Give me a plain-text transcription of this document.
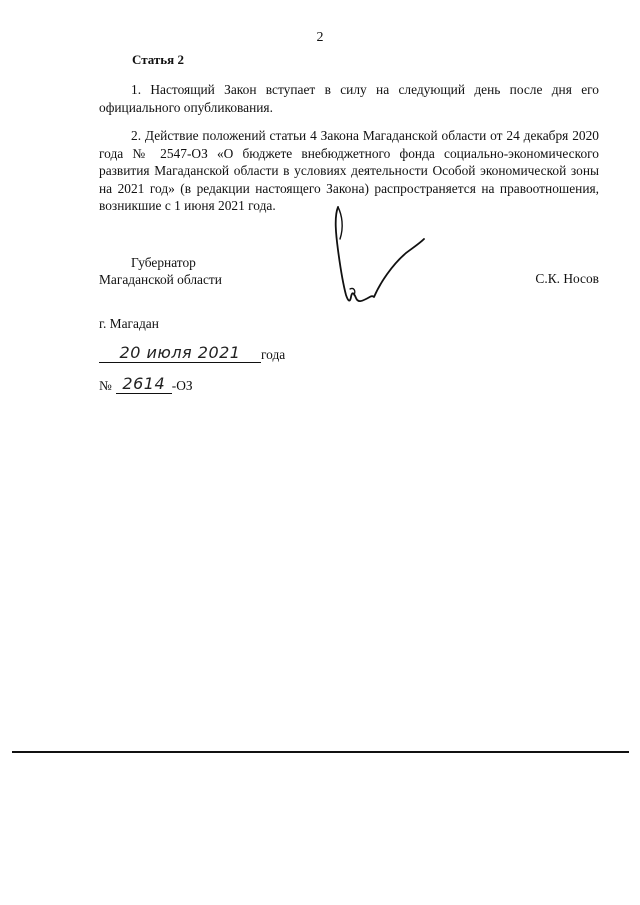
2
Статья 2

1. Настоящий Закон вступает в силу на следующий день после дня его официального опубликования.

2. Действие положений статьи 4 Закона Магаданской области от 24 декабря 2020 года № 2547-ОЗ «О бюджете внебюджетного фонда социально-экономического развития Магаданской области в условиях деятельности Особой экономической зоны на 2021 год» (в редакции настоящего Закона) распространяется на правоотношения, возникшие с 1 июня 2021 года.

Губернатор
Магаданской области	С.К. Носов
г. Магадан
20 июля 2021	года
№ 2614 -ОЗ
